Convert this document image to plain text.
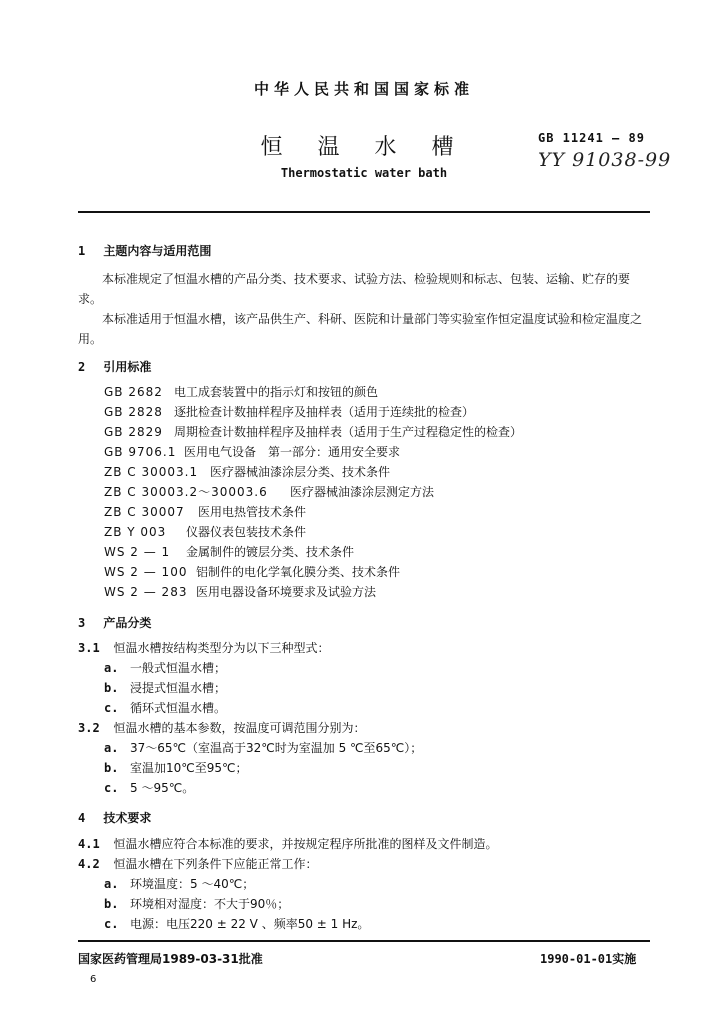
中华人民共和国国家标准
恒 温 水 槽
Thermostatic water bath
GB 11241 — 89
YY 91038-99
1 主题内容与适用范围
本标准规定了恒温水槽的产品分类、技术要求、试验方法、检验规则和标志、包装、运输、贮存的要求。
本标准适用于恒温水槽，该产品供生产、科研、医院和计量部门等实验室作恒定温度试验和检定温度之用。
2 引用标准
GB 2682 电工成套装置中的指示灯和按钮的颜色
GB 2828 逐批检查计数抽样程序及抽样表（适用于连续批的检查）
GB 2829 周期检查计数抽样程序及抽样表（适用于生产过程稳定性的检查）
GB 9706.1 医用电气设备　第一部分：通用安全要求
ZB C 30003.1 医疗器械油漆涂层分类、技术条件
ZB C 30003.2～30003.6 医疗器械油漆涂层测定方法
ZB C 30007 医用电热管技术条件
ZB Y 003 仪器仪表包装技术条件
WS 2 — 1 金属制件的镀层分类、技术条件
WS 2 — 100 铝制件的电化学氧化膜分类、技术条件
WS 2 — 283 医用电器设备环境要求及试验方法
3 产品分类
3.1 恒温水槽按结构类型分为以下三种型式：
a. 一般式恒温水槽；
b. 浸提式恒温水槽；
c. 循环式恒温水槽。
3.2 恒温水槽的基本参数，按温度可调范围分别为：
a. 37～65℃（室温高于32℃时为室温加 5 ℃至65℃）；
b. 室温加10℃至95℃；
c. 5 ～95℃。
4 技术要求
4.1 恒温水槽应符合本标准的要求，并按规定程序所批准的图样及文件制造。
4.2 恒温水槽在下列条件下应能正常工作：
a. 环境温度：5 ～40℃；
b. 环境相对湿度：不大于90％；
国家医药管理局1989-03-31批准	1990-01-01实施
6
c. 电源：电压220 ± 22 V 、频率50 ± 1 Hz。
